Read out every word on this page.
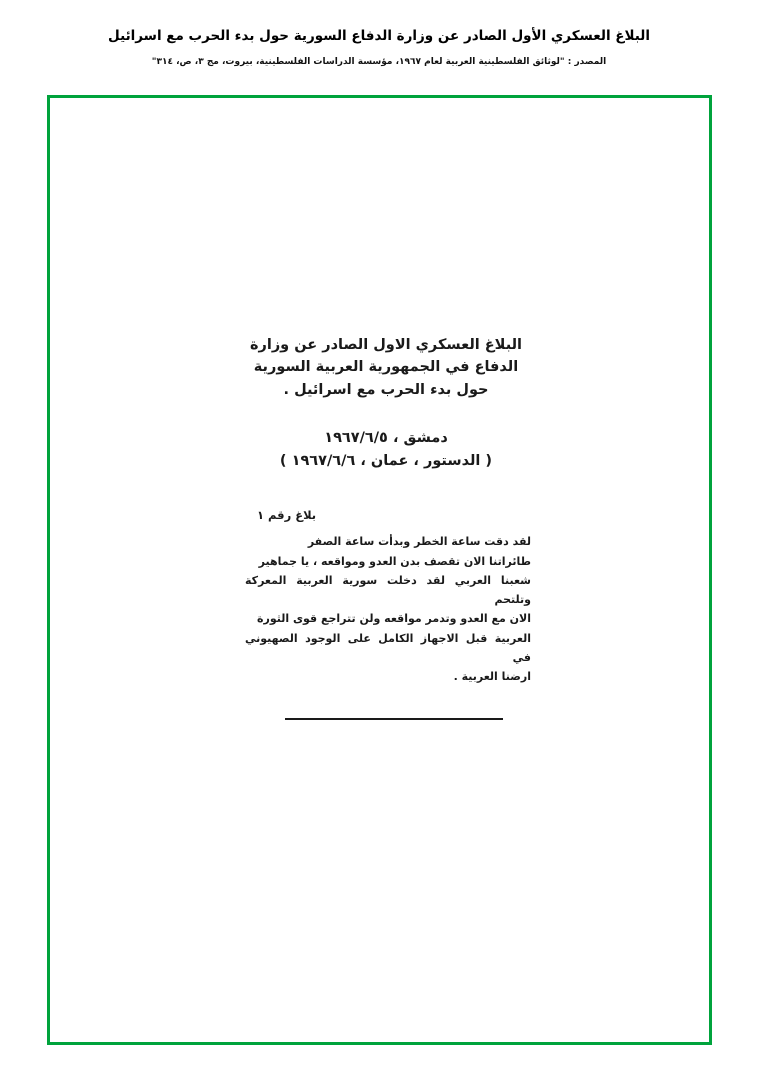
البلاغ العسكري الأول الصادر عن وزارة الدفاع السورية حول بدء الحرب مع اسرائيل
المصدر : "لوثائق الفلسطينية العربية لعام ١٩٦٧، مؤسسة الدراسات الفلسطينية، بيروت، مج ٣، ص، ٣١٤"
البلاغ العسكري الاول الصادر عن وزارة
الدفاع في الجمهورية العربية السورية
حول بدء الحرب مع اسرائيل .
دمشق ، ١٩٦٧/٦/٥
( الدستور ، عمان ، ١٩٦٧/٦/٦ )
بلاغ رقم ١
لقد دقت ساعة الخطر وبدأت ساعة الصفر
طائراتنا الان تقصف بدن العدو ومواقعه ، يا جماهير
شعبنا العربي لقد دخلت سورية العربية المعركة وتلتحم
الان مع العدو وتدمر مواقعه ولن تتراجع قوى الثورة
العربية قبل الاجهاز الكامل على الوجود الصهيوني في
ارضنا العربية .
